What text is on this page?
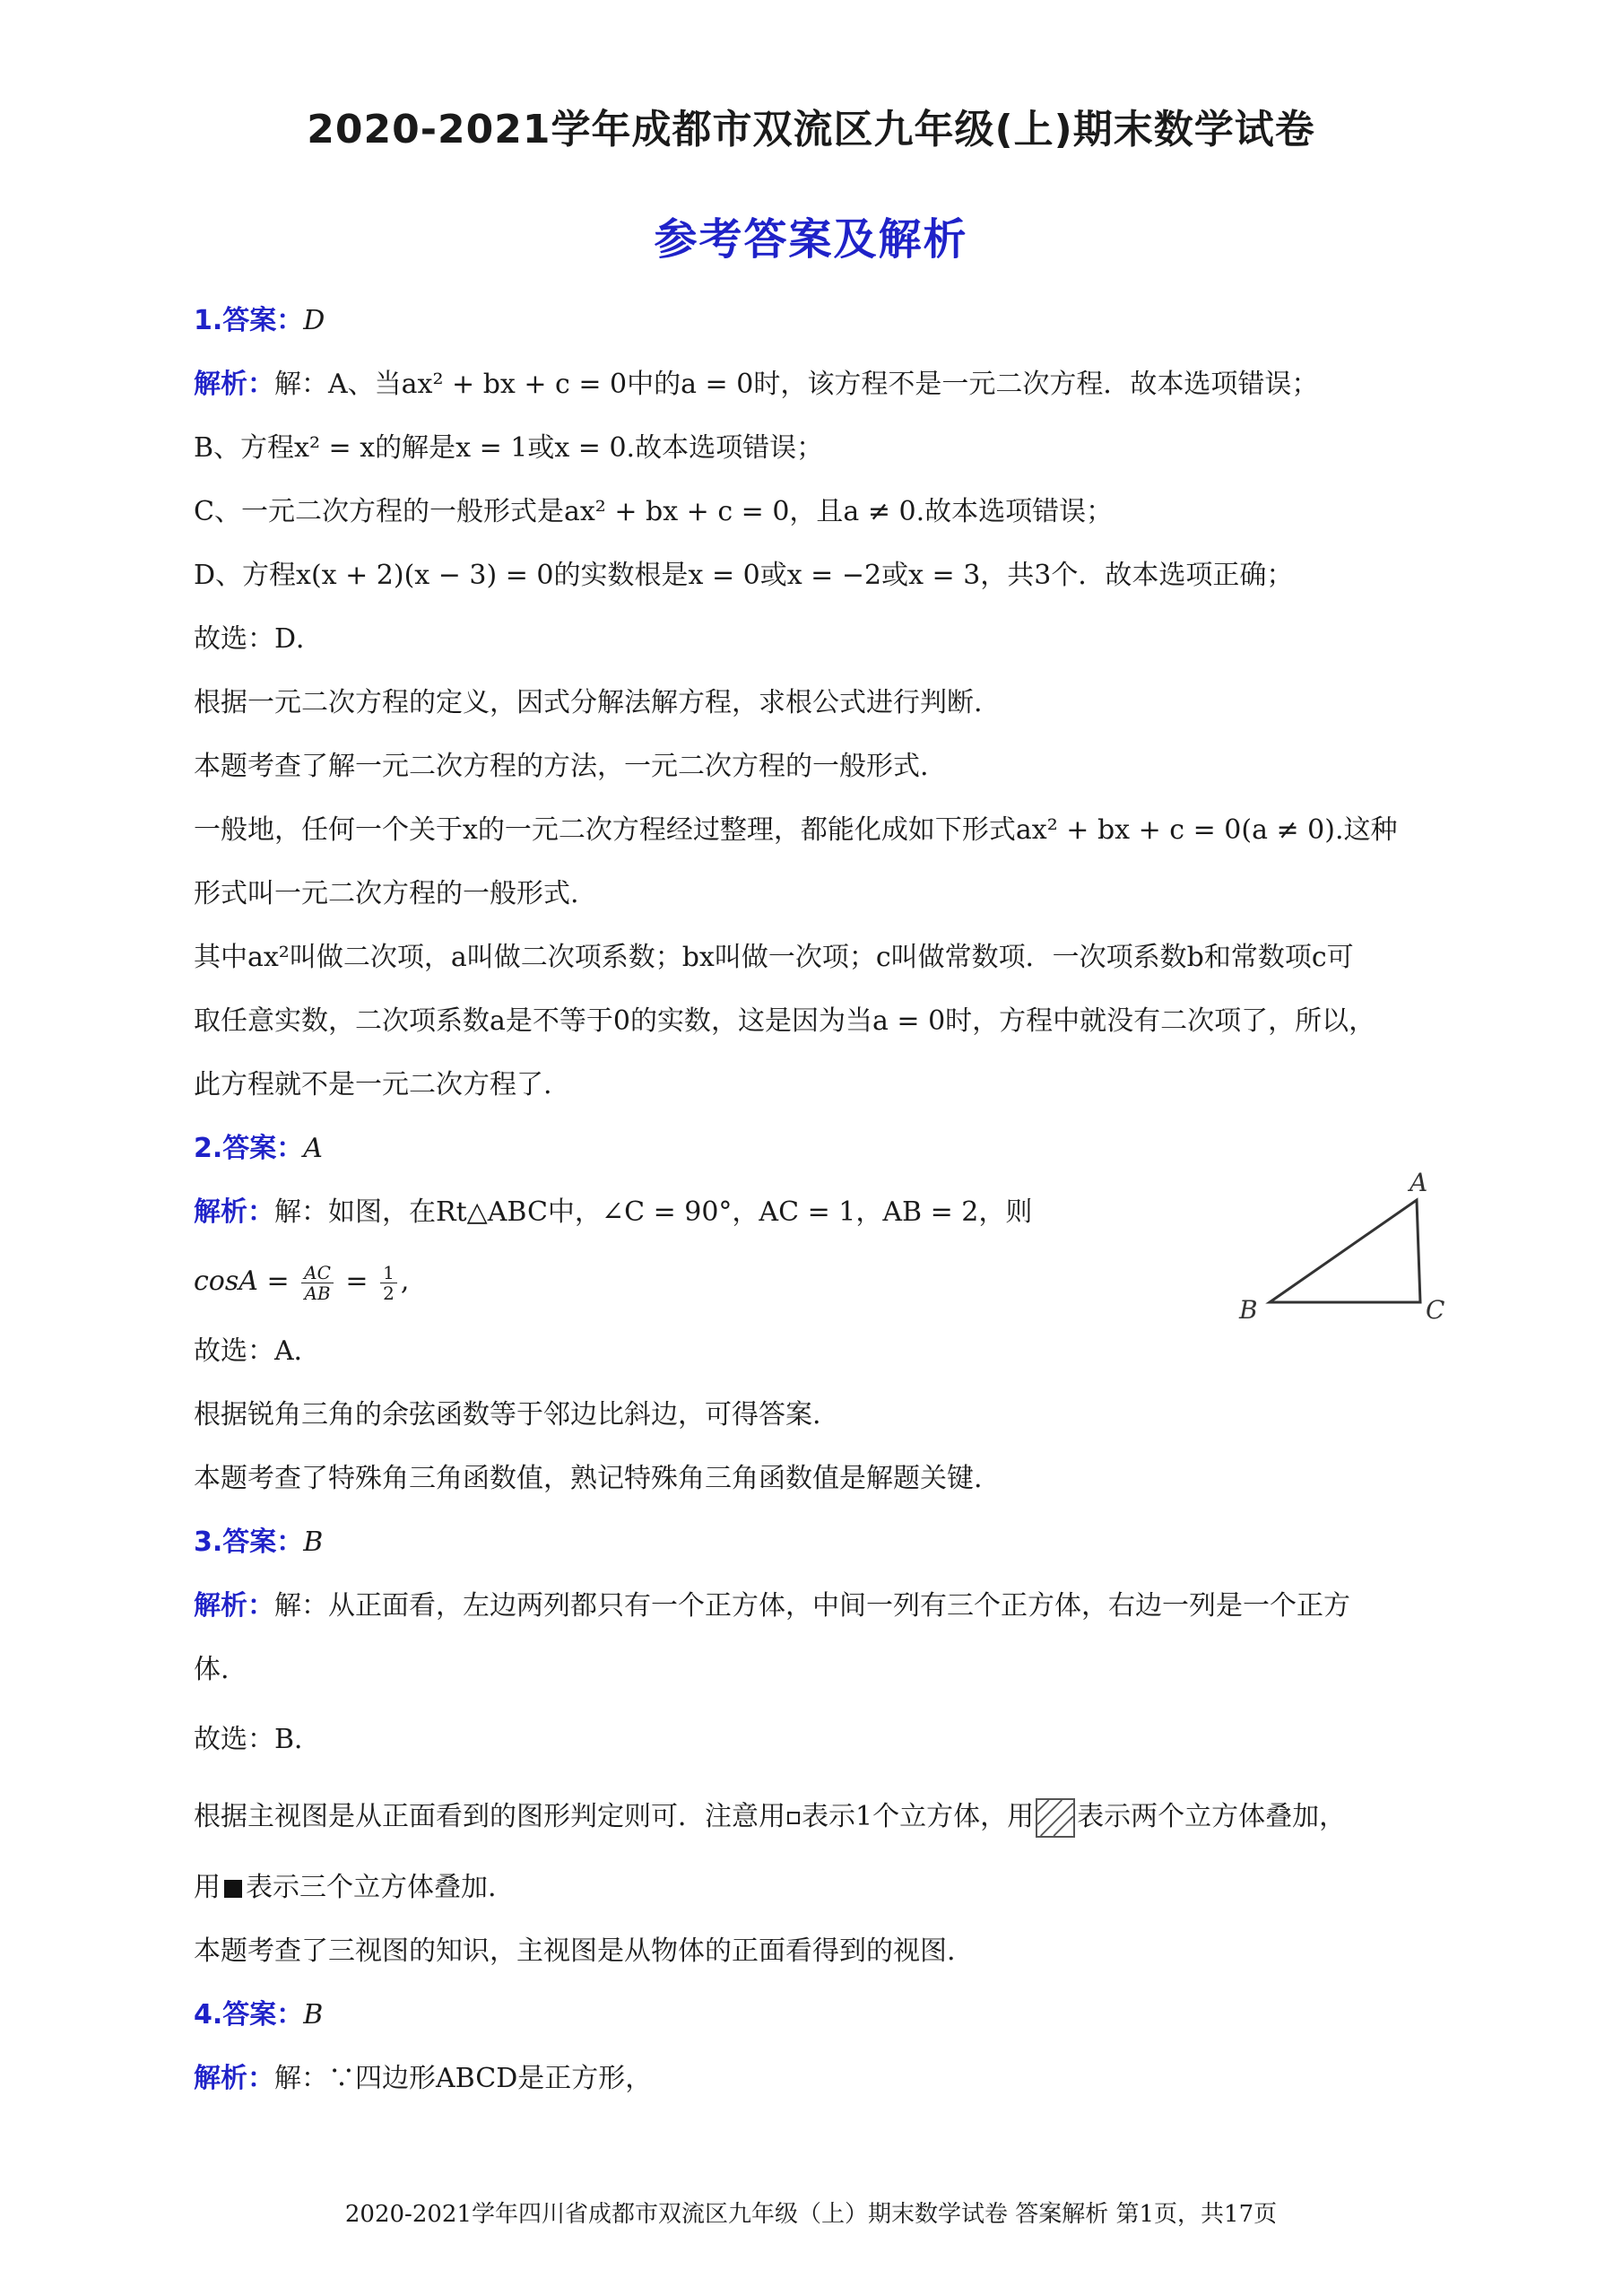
2020-2021学年成都市双流区九年级(上)期末数学试卷
参考答案及解析
1.答案：D
解析：解：A、当ax² + bx + c = 0中的a = 0时，该方程不是一元二次方程．故本选项错误；
B、方程x² = x的解是x = 1或x = 0.故本选项错误；
C、一元二次方程的一般形式是ax² + bx + c = 0，且a ≠ 0.故本选项错误；
D、方程x(x + 2)(x − 3) = 0的实数根是x = 0或x = −2或x = 3，共3个．故本选项正确；
故选：D．
根据一元二次方程的定义，因式分解法解方程，求根公式进行判断.
本题考查了解一元二次方程的方法，一元二次方程的一般形式.
一般地，任何一个关于x的一元二次方程经过整理，都能化成如下形式ax² + bx + c = 0(a ≠ 0).这种
形式叫一元二次方程的一般形式.
其中ax²叫做二次项，a叫做二次项系数；bx叫做一次项；c叫做常数项．一次项系数b和常数项c可
取任意实数，二次项系数a是不等于0的实数，这是因为当a = 0时，方程中就没有二次项了，所以，
此方程就不是一元二次方程了.
2.答案：A
解析：解：如图，在Rt△ABC中，∠C = 90°，AC = 1，AB = 2，则
$\cos A = \frac{AC}{AB} = \frac{1}{2}$ ,
故选：A．
根据锐角三角的余弦函数等于邻边比斜边，可得答案.
本题考查了特殊角三角函数值，熟记特殊角三角函数值是解题关键.
3.答案：B
解析：解：从正面看，左边两列都只有一个正方体，中间一列有三个正方体，右边一列是一个正方
体.
故选：B．
根据主视图是从正面看到的图形判定则可．注意用 表示1个立方体，用 表示两个立方体叠加，
用 表示三个立方体叠加.
本题考查了三视图的知识，主视图是从物体的正面看得到的视图.
4.答案：B
解析：解：∵四边形ABCD是正方形，
A
B	C
2020-2021学年四川省成都市双流区九年级（上）期末数学试卷 答案解析 第1页，共17页
